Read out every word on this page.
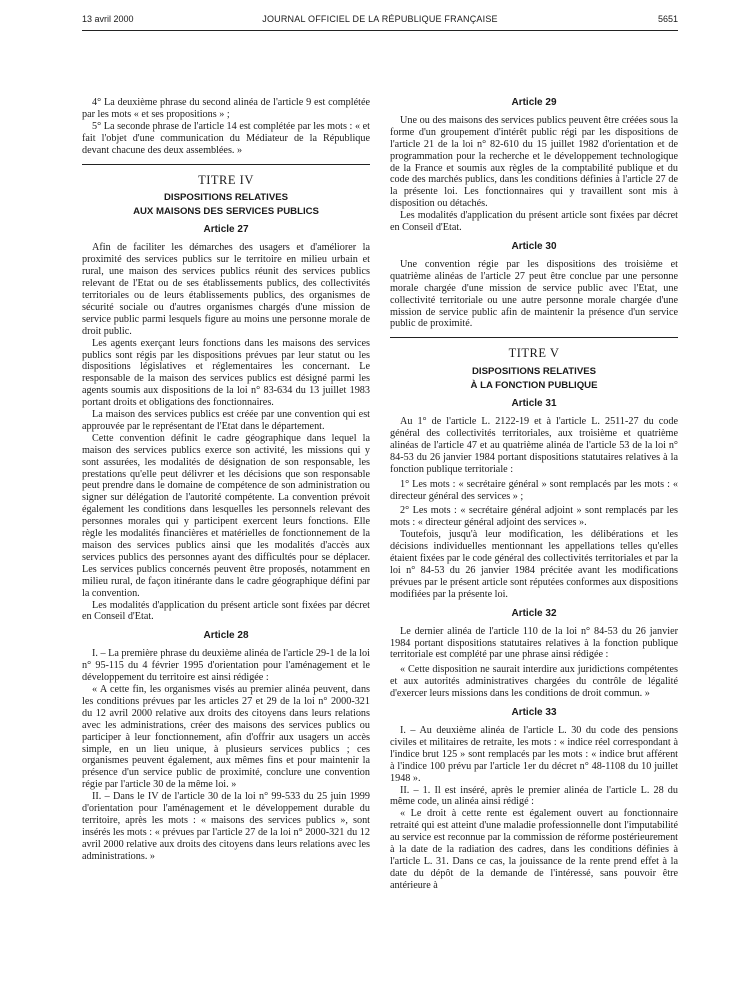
13 avril 2000	JOURNAL OFFICIEL DE LA RÉPUBLIQUE FRANÇAISE	5651

4° La deuxième phrase du second alinéa de l'article 9 est complétée par les mots « et ses propositions » ;

5° La seconde phrase de l'article 14 est complétée par les mots : « et fait l'objet d'une communication du Médiateur de la République devant chacune des deux assemblées. »

TITRE IV
DISPOSITIONS RELATIVES
AUX MAISONS DES SERVICES PUBLICS
Article 27

Afin de faciliter les démarches des usagers et d'améliorer la proximité des services publics sur le territoire en milieu urbain et rural, une maison des services publics réunit des services publics relevant de l'Etat ou de ses établissements publics, des collectivités territoriales ou de leurs établissements publics, des organismes de sécurité sociale ou d'autres organismes chargés d'une mission de service public parmi lesquels figure au moins une personne morale de droit public.

Les agents exerçant leurs fonctions dans les maisons des services publics sont régis par les dispositions prévues par leur statut ou les dispositions législatives et réglementaires les concernant. Le responsable de la maison des services publics est désigné parmi les agents soumis aux dispositions de la loi n° 83-634 du 13 juillet 1983 portant droits et obligations des fonctionnaires.

La maison des services publics est créée par une convention qui est approuvée par le représentant de l'Etat dans le département.

Cette convention définit le cadre géographique dans lequel la maison des services publics exerce son activité, les missions qui y sont assurées, les modalités de désignation de son responsable, les prestations qu'elle peut délivrer et les décisions que son responsable peut prendre dans le domaine de compétence de son administration ou signer sur délégation de l'autorité compétente. La convention prévoit également les conditions dans lesquelles les personnels relevant des personnes morales qui y participent exercent leurs fonctions. Elle règle les modalités financières et matérielles de fonctionnement de la maison des services publics ainsi que les modalités d'accès aux services publics des personnes ayant des difficultés pour se déplacer. Les services publics concernés peuvent être proposés, notamment en milieu rural, de façon itinérante dans le cadre géographique défini par la convention.

Les modalités d'application du présent article sont fixées par décret en Conseil d'Etat.

Article 28

I. – La première phrase du deuxième alinéa de l'article 29-1 de la loi n° 95-115 du 4 février 1995 d'orientation pour l'aménagement et le développement du territoire est ainsi rédigée :

« A cette fin, les organismes visés au premier alinéa peuvent, dans les conditions prévues par les articles 27 et 29 de la loi n° 2000-321 du 12 avril 2000 relative aux droits des citoyens dans leurs relations avec les administrations, créer des maisons des services publics ou participer à leur fonctionnement, afin d'offrir aux usagers un accès simple, en un lieu unique, à plusieurs services publics ; ces organismes peuvent également, aux mêmes fins et pour maintenir la présence d'un service public de proximité, conclure une convention régie par l'article 30 de la même loi. »

II. – Dans le IV de l'article 30 de la loi n° 99-533 du 25 juin 1999 d'orientation pour l'aménagement et le développement durable du territoire, après les mots : « maisons des services publics », sont insérés les mots : « prévues par l'article 27 de la loi n° 2000-321 du 12 avril 2000 relative aux droits des citoyens dans leurs relations avec les administrations. »

Article 29

Une ou des maisons des services publics peuvent être créées sous la forme d'un groupement d'intérêt public régi par les dispositions de l'article 21 de la loi n° 82-610 du 15 juillet 1982 d'orientation et de programmation pour la recherche et le développement technologique de la France et soumis aux règles de la comptabilité publique et du code des marchés publics, dans les conditions définies à l'article 27 de la présente loi. Les fonctionnaires qui y travaillent sont mis à disposition ou détachés.

Les modalités d'application du présent article sont fixées par décret en Conseil d'Etat.

Article 30

Une convention régie par les dispositions des troisième et quatrième alinéas de l'article 27 peut être conclue par une personne morale chargée d'une mission de service public avec l'Etat, une collectivité territoriale ou une autre personne morale chargée d'une mission de service public afin de maintenir la présence d'un service public de proximité.

TITRE V
DISPOSITIONS RELATIVES
À LA FONCTION PUBLIQUE
Article 31

Au 1° de l'article L. 2122-19 et à l'article L. 2511-27 du code général des collectivités territoriales, aux troisième et quatrième alinéas de l'article 47 et au quatrième alinéa de l'article 53 de la loi n° 84-53 du 26 janvier 1984 portant dispositions statutaires relatives à la fonction publique territoriale :

1° Les mots : « secrétaire général » sont remplacés par les mots : « directeur général des services » ;

2° Les mots : « secrétaire général adjoint » sont remplacés par les mots : « directeur général adjoint des services ».

Toutefois, jusqu'à leur modification, les délibérations et les décisions individuelles mentionnant les appellations telles qu'elles étaient fixées par le code général des collectivités territoriales et par la loi n° 84-53 du 26 janvier 1984 précitée avant les modifications prévues par le présent article sont réputées conformes aux dispositions modifiées par la présente loi.

Article 32

Le dernier alinéa de l'article 110 de la loi n° 84-53 du 26 janvier 1984 portant dispositions statutaires relatives à la fonction publique territoriale est complété par une phrase ainsi rédigée :

« Cette disposition ne saurait interdire aux juridictions compétentes et aux autorités administratives chargées du contrôle de légalité d'exercer leurs missions dans les conditions de droit commun. »

Article 33

I. – Au deuxième alinéa de l'article L. 30 du code des pensions civiles et militaires de retraite, les mots : « indice réel correspondant à l'indice brut 125 » sont remplacés par les mots : « indice brut afférent à l'indice 100 prévu par l'article 1er du décret n° 48-1108 du 10 juillet 1948 ».

II. – 1. Il est inséré, après le premier alinéa de l'article L. 28 du même code, un alinéa ainsi rédigé :

« Le droit à cette rente est également ouvert au fonctionnaire retraité qui est atteint d'une maladie professionnelle dont l'imputabilité au service est reconnue par la commission de réforme postérieurement à la date de la radiation des cadres, dans les conditions définies à l'article L. 31. Dans ce cas, la jouissance de la rente prend effet à la date du dépôt de la demande de l'intéressé, sans pouvoir être antérieure à
